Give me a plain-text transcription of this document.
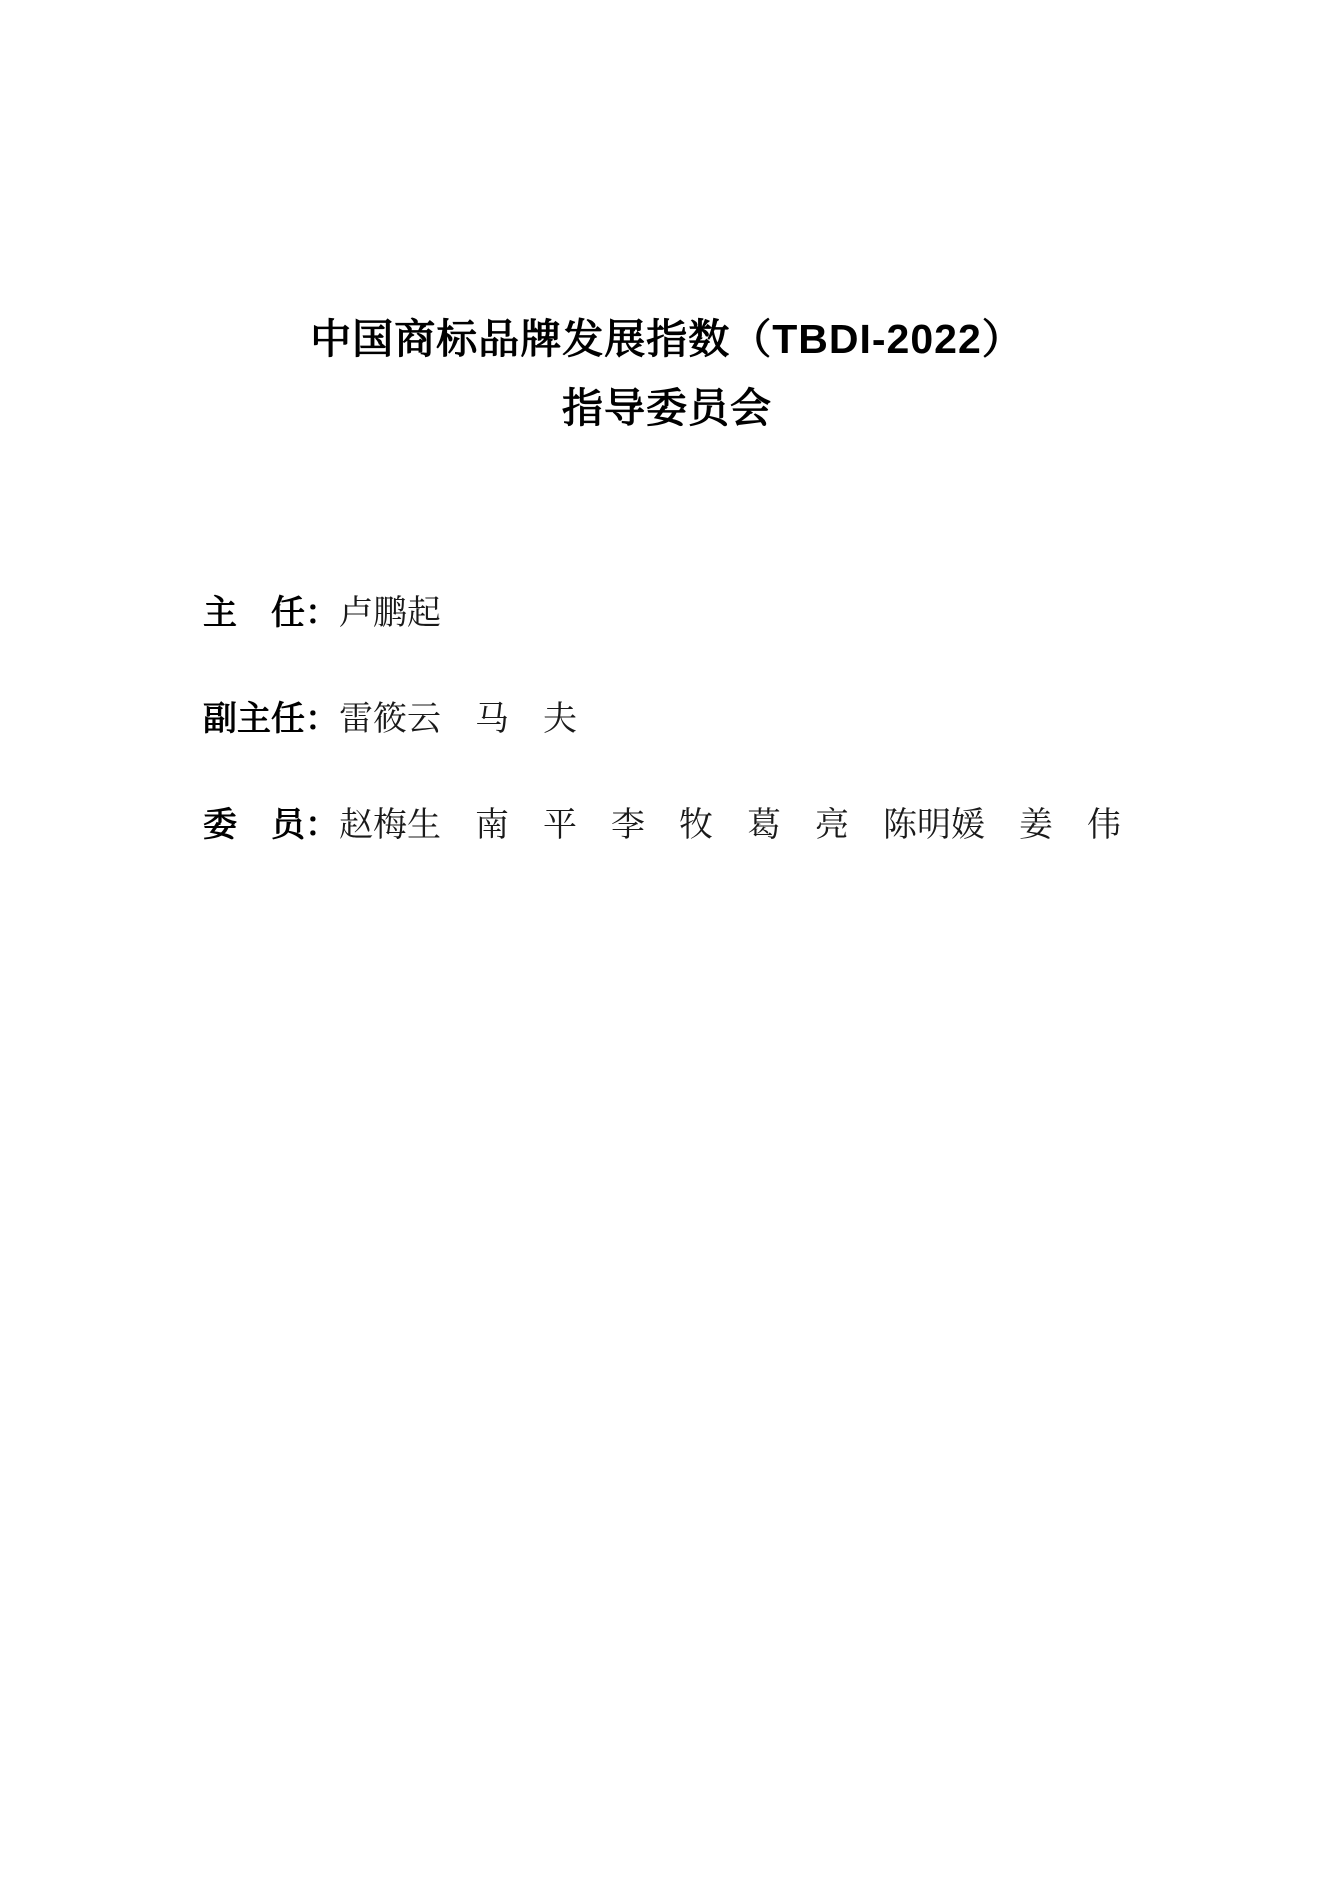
中国商标品牌发展指数（TBDI-2022）
指导委员会
主　任：卢鹏起
副主任：雷筱云　马　夫
委　员：赵梅生　南　平　李　牧　葛　亮　陈明媛　姜　伟
